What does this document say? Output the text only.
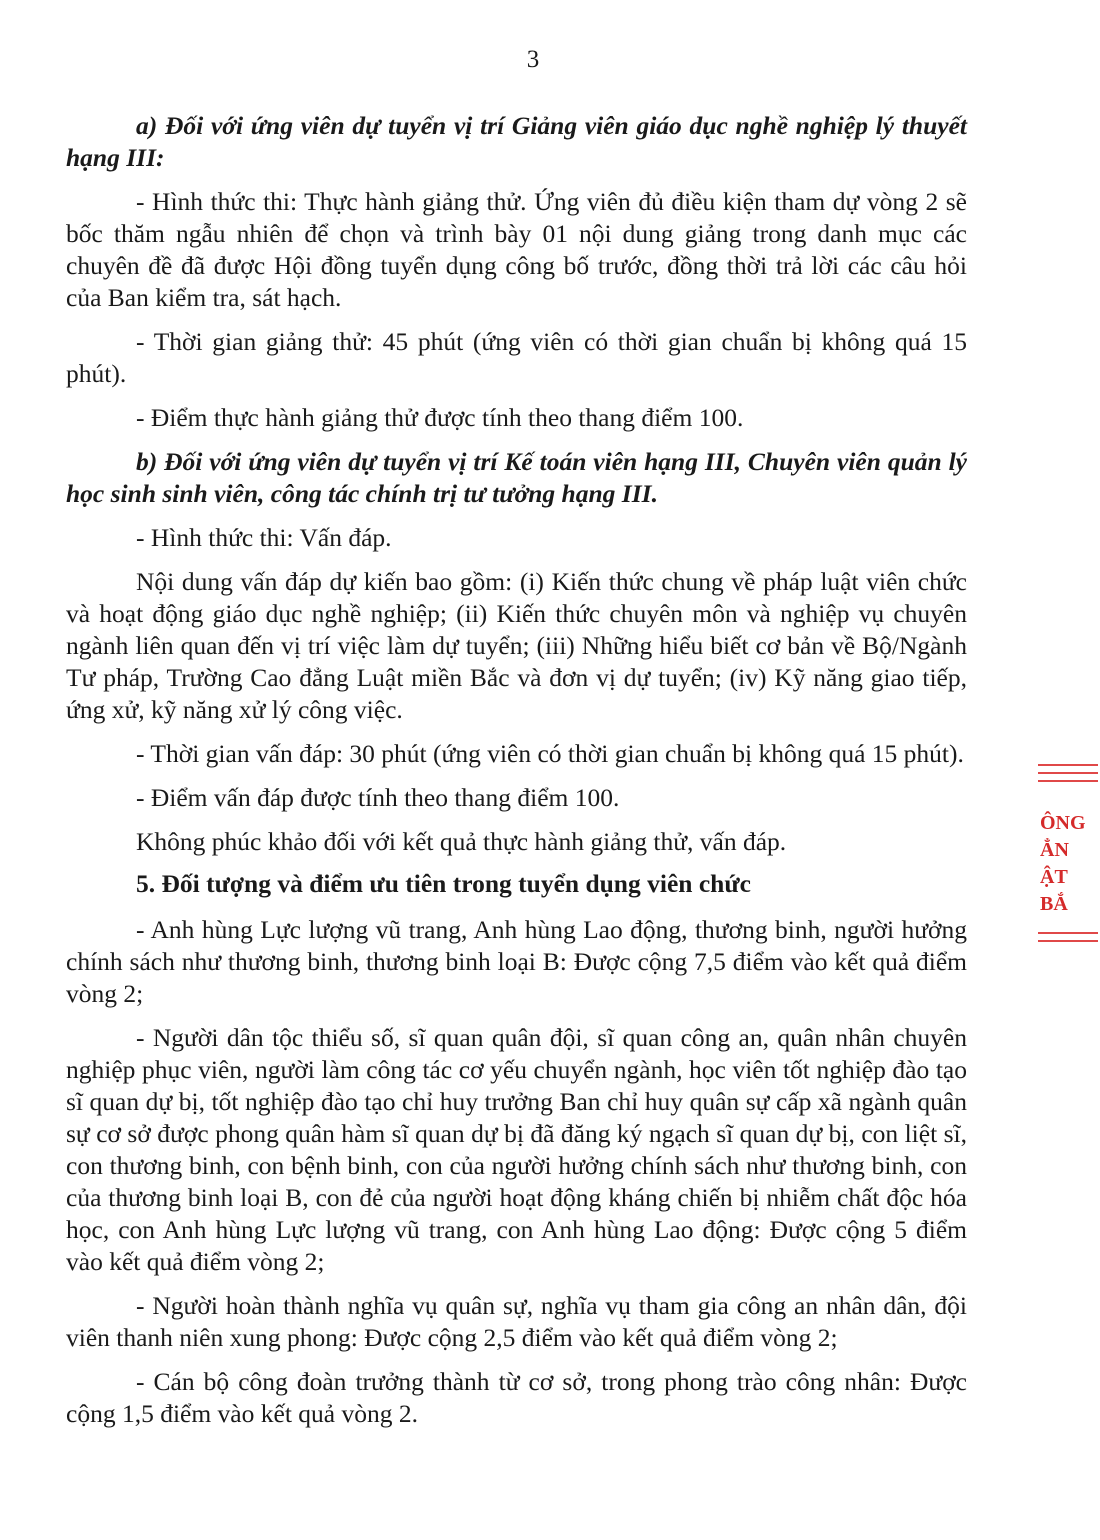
3

a) Đối với ứng viên dự tuyển vị trí Giảng viên giáo dục nghề nghiệp lý thuyết hạng III:

- Hình thức thi: Thực hành giảng thử. Ứng viên đủ điều kiện tham dự vòng 2 sẽ bốc thăm ngẫu nhiên để chọn và trình bày 01 nội dung giảng trong danh mục các chuyên đề đã được Hội đồng tuyển dụng công bố trước, đồng thời trả lời các câu hỏi của Ban kiểm tra, sát hạch.

- Thời gian giảng thử: 45 phút (ứng viên có thời gian chuẩn bị không quá 15 phút).

- Điểm thực hành giảng thử được tính theo thang điểm 100.

b) Đối với ứng viên dự tuyển vị trí Kế toán viên hạng III, Chuyên viên quản lý học sinh sinh viên, công tác chính trị tư tưởng hạng III.

- Hình thức thi: Vấn đáp.

Nội dung vấn đáp dự kiến bao gồm: (i) Kiến thức chung về pháp luật viên chức và hoạt động giáo dục nghề nghiệp; (ii) Kiến thức chuyên môn và nghiệp vụ chuyên ngành liên quan đến vị trí việc làm dự tuyển; (iii) Những hiểu biết cơ bản về Bộ/Ngành Tư pháp, Trường Cao đẳng Luật miền Bắc và đơn vị dự tuyển; (iv) Kỹ năng giao tiếp, ứng xử, kỹ năng xử lý công việc.

- Thời gian vấn đáp: 30 phút (ứng viên có thời gian chuẩn bị không quá 15 phút).

- Điểm vấn đáp được tính theo thang điểm 100.

Không phúc khảo đối với kết quả thực hành giảng thử, vấn đáp.

5. Đối tượng và điểm ưu tiên trong tuyển dụng viên chức

- Anh hùng Lực lượng vũ trang, Anh hùng Lao động, thương binh, người hưởng chính sách như thương binh, thương binh loại B: Được cộng 7,5 điểm vào kết quả điểm vòng 2;

- Người dân tộc thiểu số, sĩ quan quân đội, sĩ quan công an, quân nhân chuyên nghiệp phục viên, người làm công tác cơ yếu chuyển ngành, học viên tốt nghiệp đào tạo sĩ quan dự bị, tốt nghiệp đào tạo chỉ huy trưởng Ban chỉ huy quân sự cấp xã ngành quân sự cơ sở được phong quân hàm sĩ quan dự bị đã đăng ký ngạch sĩ quan dự bị, con liệt sĩ, con thương binh, con bệnh binh, con của người hưởng chính sách như thương binh, con của thương binh loại B, con đẻ của người hoạt động kháng chiến bị nhiễm chất độc hóa học, con Anh hùng Lực lượng vũ trang, con Anh hùng Lao động: Được cộng 5 điểm vào kết quả điểm vòng 2;

- Người hoàn thành nghĩa vụ quân sự, nghĩa vụ tham gia công an nhân dân, đội viên thanh niên xung phong: Được cộng 2,5 điểm vào kết quả điểm vòng 2;

- Cán bộ công đoàn trưởng thành từ cơ sở, trong phong trào công nhân: Được cộng 1,5 điểm vào kết quả vòng 2.

ÔNG
ẲN
ẬT
BẮ
